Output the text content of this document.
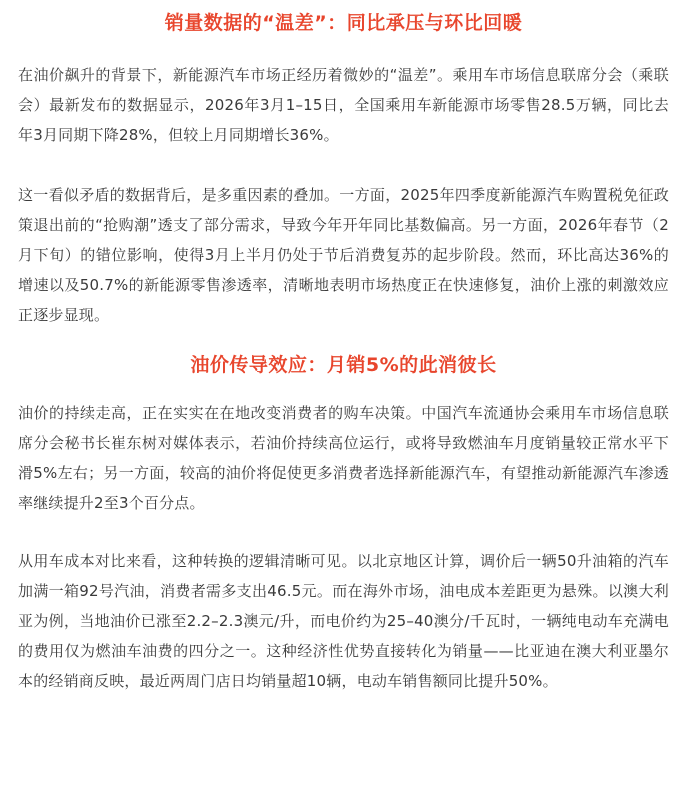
销量数据的“温差”：同比承压与环比回暖

在油价飙升的背景下，新能源汽车市场正经历着微妙的“温差”。乘用车市场信息联席分会（乘联会）最新发布的数据显示，2026年3月1–15日，全国乘用车新能源市场零售28.5万辆，同比去年3月同期下降28%，但较上月同期增长36%。

这一看似矛盾的数据背后，是多重因素的叠加。一方面，2025年四季度新能源汽车购置税免征政策退出前的“抢购潮”透支了部分需求，导致今年开年同比基数偏高。另一方面，2026年春节（2月下旬）的错位影响，使得3月上半月仍处于节后消费复苏的起步阶段。然而，环比高达36%的增速以及50.7%的新能源零售渗透率，清晰地表明市场热度正在快速修复，油价上涨的刺激效应正逐步显现。

油价传导效应：月销5%的此消彼长

油价的持续走高，正在实实在在地改变消费者的购车决策。中国汽车流通协会乘用车市场信息联席分会秘书长崔东树对媒体表示，若油价持续高位运行，或将导致燃油车月度销量较正常水平下滑5%左右；另一方面，较高的油价将促使更多消费者选择新能源汽车，有望推动新能源汽车渗透率继续提升2至3个百分点。

从用车成本对比来看，这种转换的逻辑清晰可见。以北京地区计算，调价后一辆50升油箱的汽车加满一箱92号汽油，消费者需多支出46.5元。而在海外市场，油电成本差距更为悬殊。以澳大利亚为例，当地油价已涨至2.2–2.3澳元/升，而电价约为25–40澳分/千瓦时，一辆纯电动车充满电的费用仅为燃油车油费的四分之一。这种经济性优势直接转化为销量——比亚迪在澳大利亚墨尔本的经销商反映，最近两周门店日均销量超10辆，电动车销售额同比提升50%。
